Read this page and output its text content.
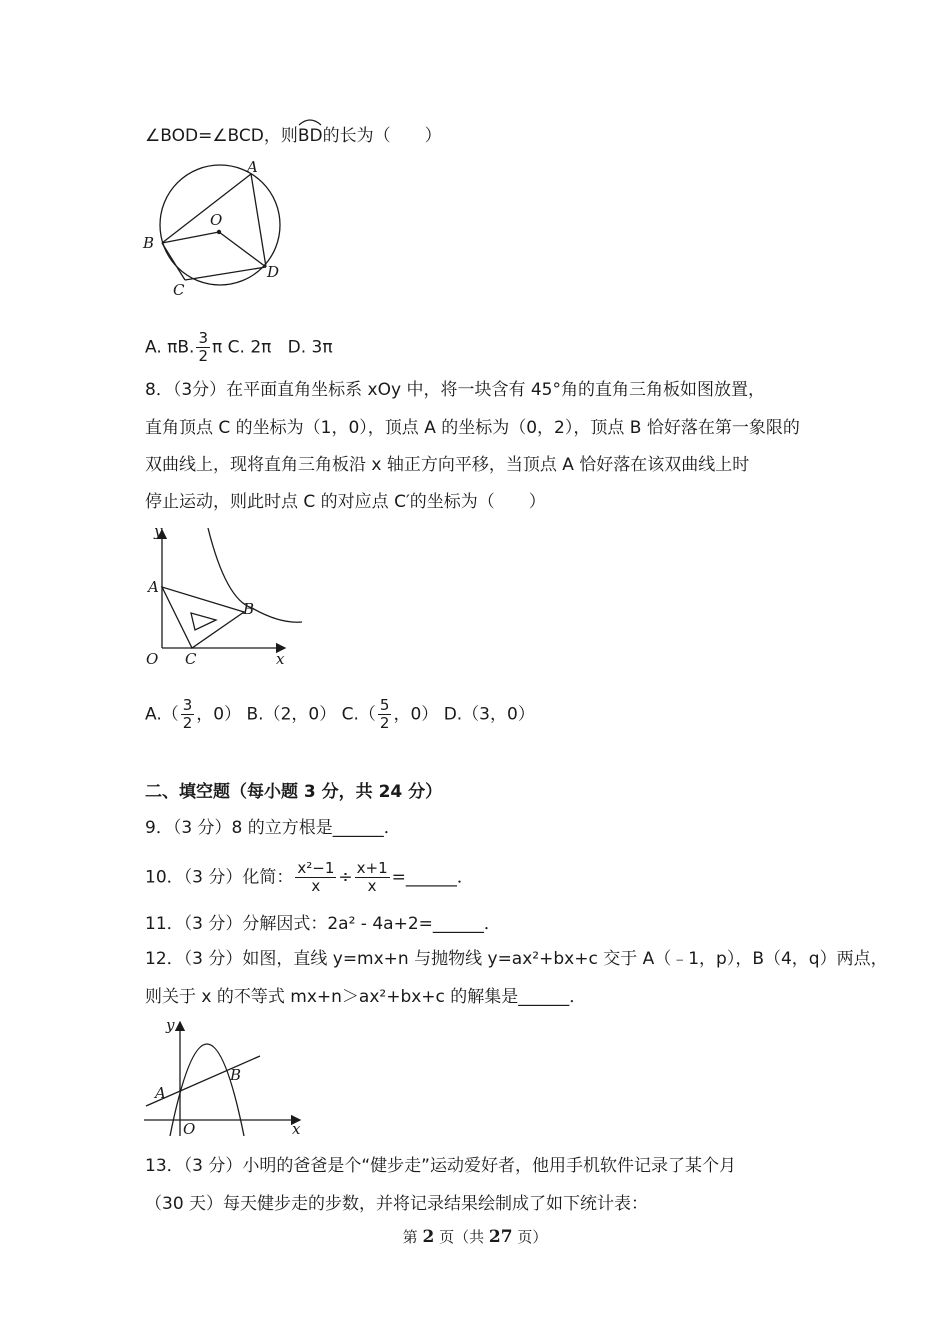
∠BOD=∠BCD，则
BD的长为（　　）
A
B
C
D
O
A. πB. $\frac{3}{2}$ π C. 2π D. 3π
8．（3分）在平面直角坐标系 xOy 中，将一块含有 45°角的直角三角板如图放置，
直角顶点 C 的坐标为（1，0），顶点 A 的坐标为（0，2），顶点 B 恰好落在第一象限的
双曲线上，现将直角三角板沿 x 轴正方向平移，当顶点 A 恰好落在该双曲线上时
停止运动，则此时点 C 的对应点 C′的坐标为（　　）
y
x
A
B
C
O
$A.( \frac{3}{2}$ ，0） B.（2，0） $C.( \frac{5}{2}$ ，0） D.（3，0）
二、填空题（每小题 3 分，共 24 分）
9．（3 分）8 的立方根是______．
10．（3 分）化简： $\frac{\text{x²−1}}{x} \div \frac{x+1}{x}$ =______．
11．（3 分）分解因式：2a² - 4a+2=______．
12．（3 分）如图，直线 y=mx+n 与抛物线 y=ax²+bx+c 交于 A（﹣1，p），B（4，q）两点，
则关于 x 的不等式 mx+n＞ax²+bx+c 的解集是______．
y
x
A
B
O
13．（3 分）小明的爸爸是个“健步走”运动爱好者，他用手机软件记录了某个月
（30 天）每天健步走的步数，并将记录结果绘制成了如下统计表：
第 2 页（共 27 页）
